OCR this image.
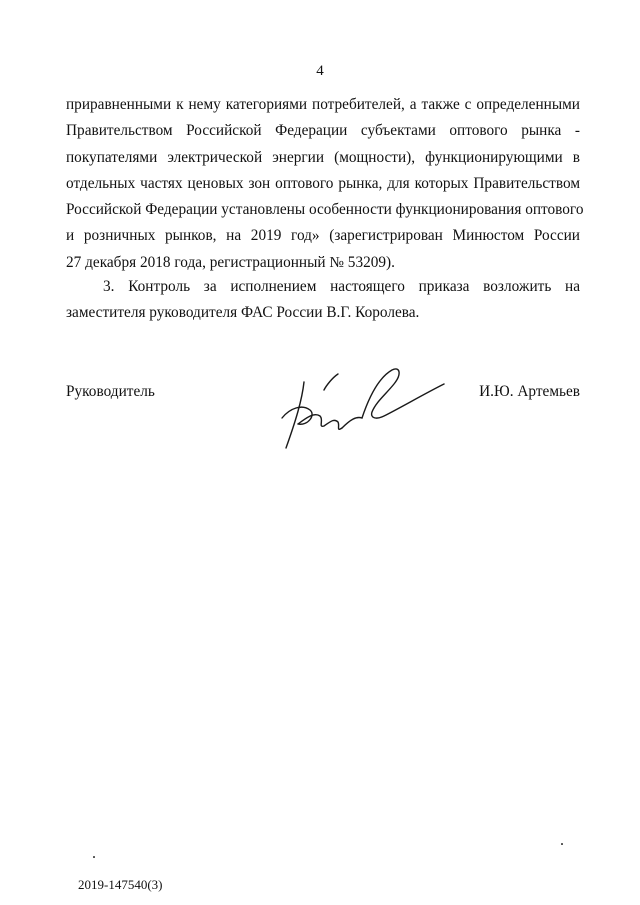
4
приравненными к нему категориями потребителей, а также с определенными
Правительством Российской Федерации субъектами оптового рынка -
покупателями электрической энергии (мощности), функционирующими в
отдельных частях ценовых зон оптового рынка, для которых Правительством
Российской Федерации установлены особенности функционирования оптового
и розничных рынков, на 2019 год» (зарегистрирован Минюстом России
27 декабря 2018 года, регистрационный № 53209).
3. Контроль за исполнением настоящего приказа возложить на
заместителя руководителя ФАС России В.Г. Королева.
Руководитель	И.Ю. Артемьев
2019-147540(3)
